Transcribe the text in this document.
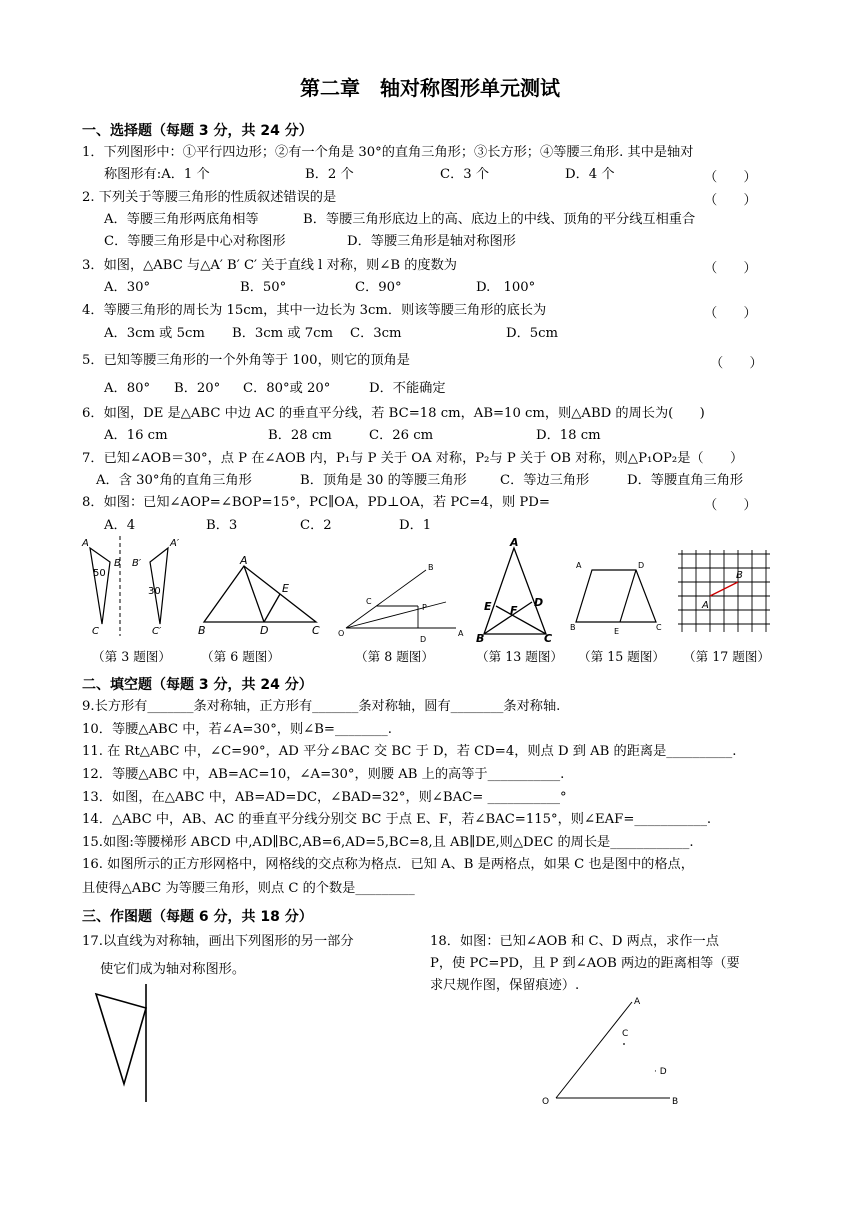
第二章　轴对称图形单元测试
一、选择题（每题 3 分，共 24 分）
1．下列图形中：①平行四边形；②有一个角是 30°的直角三角形；③长方形；④等腰三角形. 其中是轴对
称图形有:A．1 个	B．2 个	C．3 个	D．4 个	（　　）
2. 下列关于等腰三角形的性质叙述错误的是	（　　）
A．等腰三角形两底角相等	B．等腰三角形底边上的高、底边上的中线、顶角的平分线互相重合
C．等腰三角形是中心对称图形	D．等腰三角形是轴对称图形
3．如图，△ABC 与△A′ B′ C′ 关于直线 l 对称，则∠B 的度数为	（　　）
A．30°	B．50°	C．90°	D.　100°
4．等腰三角形的周长为 15cm，其中一边长为 3cm．则该等腰三角形的底长为	（　　）
A．3cm 或 5cm B．3cm 或 7cm C．3cm	D．5cm
5．已知等腰三角形的一个外角等于 100，则它的顶角是	（　　）
A．80° B．20° C．80°或 20°	D．不能确定
6．如图，DE 是△ABC 中边 AC 的垂直平分线，若 BC=18 cm，AB=10 cm，则△ABD 的周长为(　　)
A．16 cm	B．28 cm	C．26 cm	D．18 cm
7．已知∠AOB＝30°，点 P 在∠AOB 内，P₁与 P 关于 OA 对称，P₂与 P 关于 OB 对称，则△P₁OP₂是（　　）
A．含 30°角的直角三角形	B．顶角是 30 的等腰三角形	C．等边三角形	D．等腰直角三角形
8．如图：已知∠AOP=∠BOP=15°，PC∥OA，PD⊥OA，若 PC=4，则 PD=	（　　）
A．4	B．3	C．2	D．1
A
B
C
A′
B′
C′
50
30
A
B	C
D
E
O	A
B
C
P
D
A
B	C
D
E F
A	D
B	C
E
A
B
（第 3 题图） （第 6 题图）	（第 8 题图）	（第 13 题图） （第 15 题图） （第 17 题图）
二、填空题（每题 3 分，共 24 分）
9.长方形有_______条对称轴，正方形有_______条对称轴，圆有________条对称轴.
10．等腰△ABC 中，若∠A=30°，则∠B=________.
11. 在 Rt△ABC 中，∠C=90°，AD 平分∠BAC 交 BC 于 D，若 CD=4，则点 D 到 AB 的距离是__________.
12．等腰△ABC 中，AB=AC=10，∠A=30°，则腰 AB 上的高等于___________.
13．如图，在△ABC 中，AB=AD=DC，∠BAD=32°，则∠BAC= ___________°
14．△ABC 中，AB、AC 的垂直平分线分别交 BC 于点 E、F，若∠BAC=115°，则∠EAF=___________.
15.如图:等腰梯形 ABCD 中,AD∥BC,AB=6,AD=5,BC=8,且 AB∥DE,则△DEC 的周长是____________.
16. 如图所示的正方形网格中，网格线的交点称为格点．已知 A、B 是两格点，如果 C 也是图中的格点，
且使得△ABC 为等腰三角形，则点 C 的个数是_________
三、作图题（每题 6 分，共 18 分）
17.以直线为对称轴，画出下列图形的另一部分
使它们成为轴对称图形。
18．如图：已知∠AOB 和 C、D 两点，求作一点
P，使 PC=PD，且 P 到∠AOB 两边的距离相等（要
求尺规作图，保留痕迹）.
O	B
A
C
· D
